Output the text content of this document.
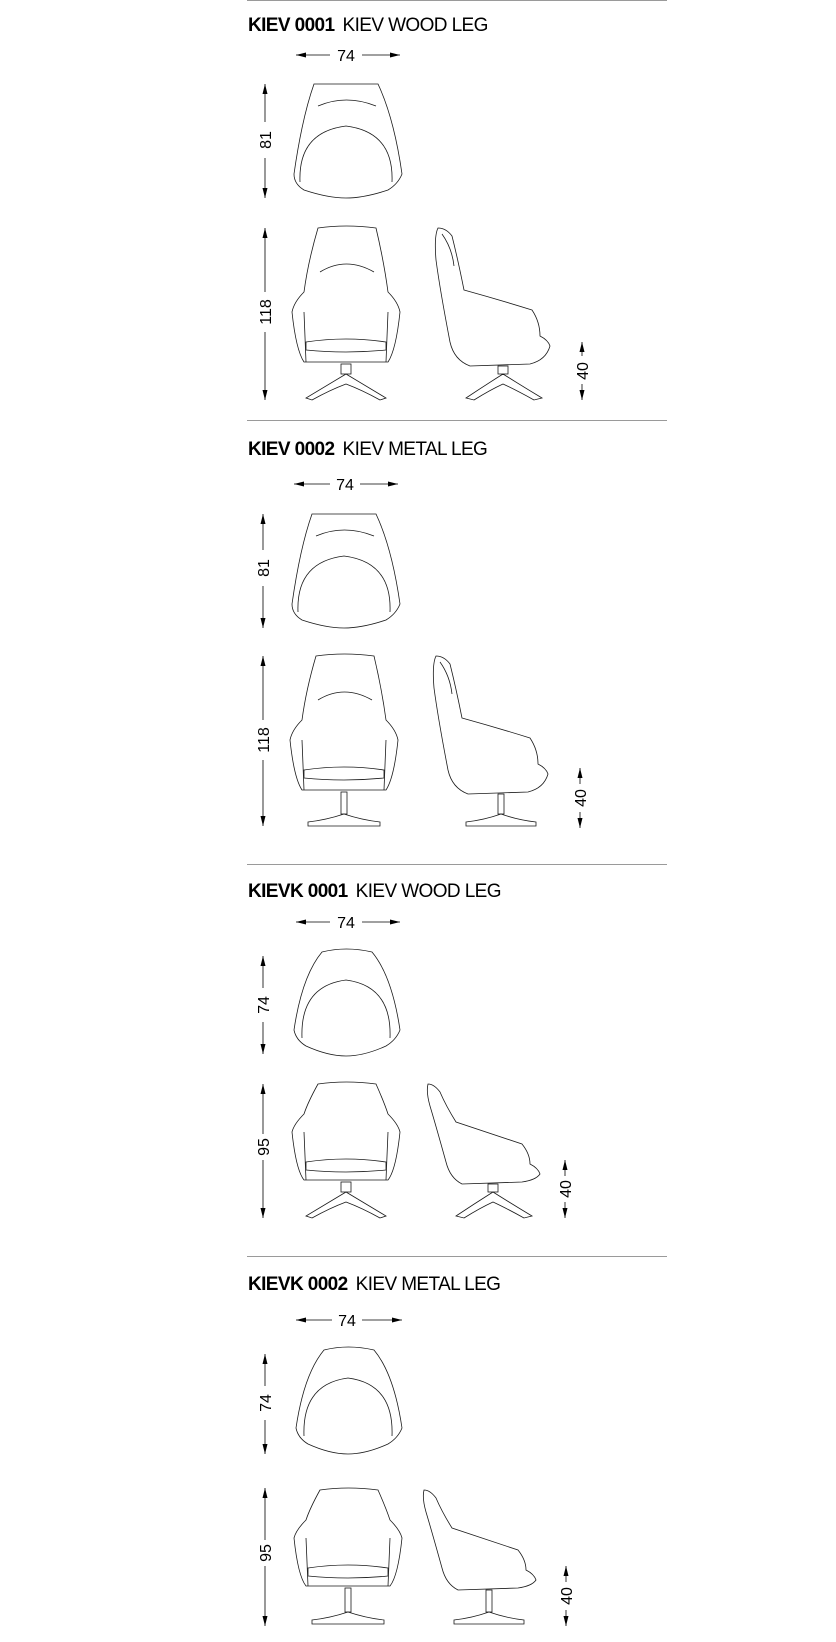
KIEV 0001 KIEV WOOD LEG
74
81
118
40
KIEV 0002 KIEV METAL LEG
74
81
118
40
KIEVK 0001 KIEV WOOD LEG
74
74
95
40
KIEVK 0002 KIEV METAL LEG
74
74
95
40
